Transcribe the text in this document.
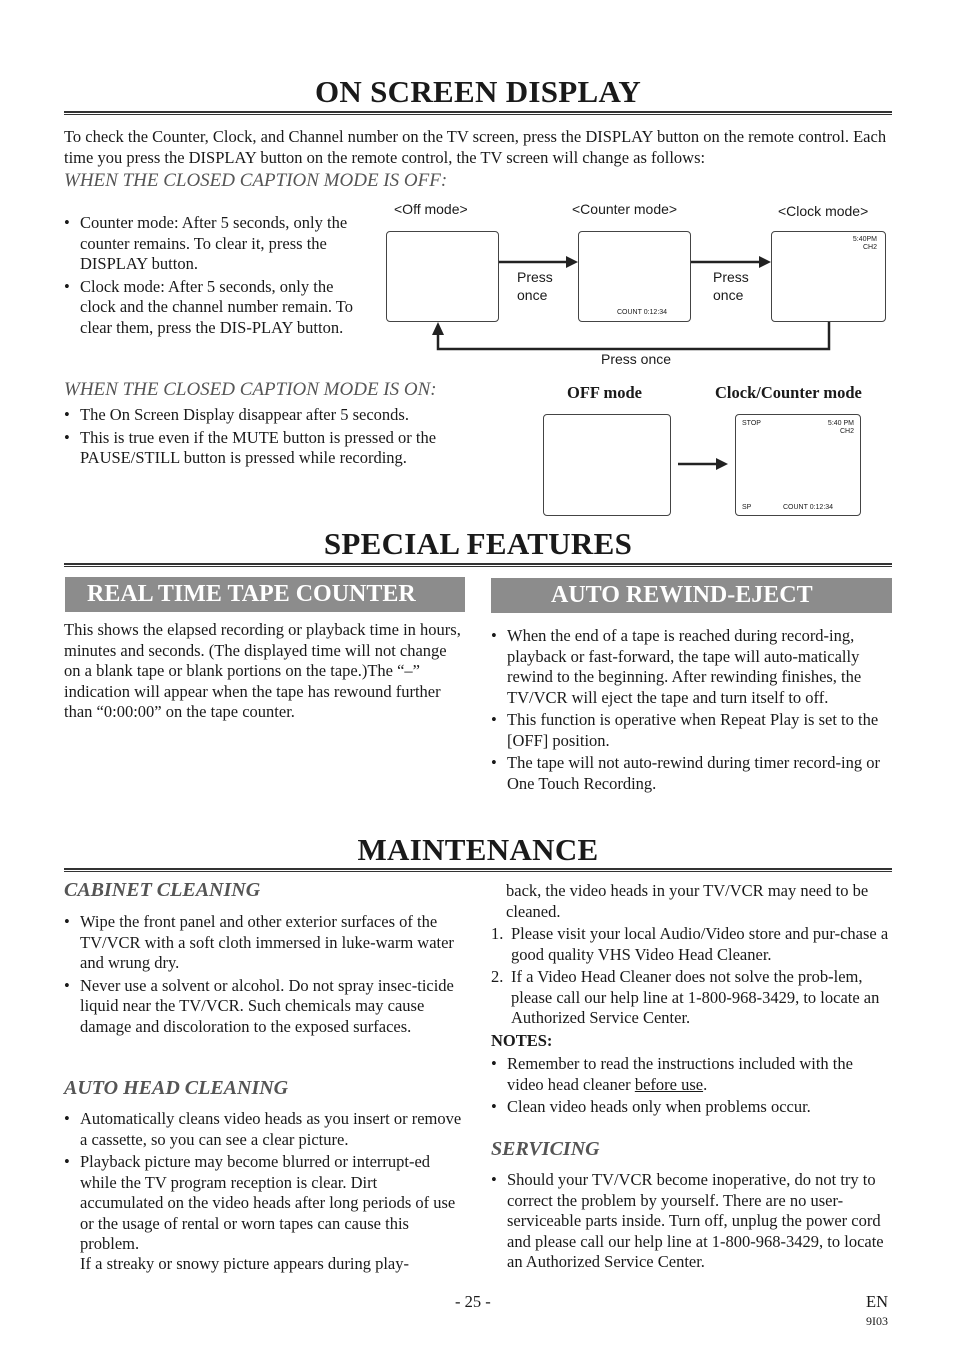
ON SCREEN DISPLAY
To check the Counter, Clock, and Channel number on the TV screen, press the DISPLAY button on the remote control. Each time you press the DISPLAY button on the remote control, the TV screen will change as follows:
WHEN THE CLOSED CAPTION MODE IS OFF:
• Counter mode: After 5 seconds, only the counter remains. To clear it, press the DISPLAY button.
• Clock mode: After 5 seconds, only the clock and the channel number remain. To clear them, press the DIS-PLAY button.
<Off mode>	<Counter mode>	<Clock mode>
COUNT 0:12:34
5:40PM
CH2
Press once
Press once
Press once
WHEN THE CLOSED CAPTION MODE IS ON:
• The On Screen Display disappear after 5 seconds.
• This is true even if the MUTE button is pressed or the PAUSE/STILL button is pressed while recording.
OFF mode	Clock/Counter mode
STOP	5:40 PM
CH2
SP	COUNT 0:12:34
SPECIAL FEATURES
REAL TIME TAPE COUNTER
This shows the elapsed recording or playback time in hours, minutes and seconds. (The displayed time will not change on a blank tape or blank portions on the tape.)The “–” indication will appear when the tape has rewound further than “0:00:00” on the tape counter.
AUTO REWIND-EJECT
• When the end of a tape is reached during record-ing, playback or fast-forward, the tape will auto-matically rewind to the beginning. After rewinding finishes, the TV/VCR will eject the tape and turn itself to off.
• This function is operative when Repeat Play is set to the [OFF] position.
• The tape will not auto-rewind during timer record-ing or One Touch Recording.
MAINTENANCE
CABINET CLEANING
• Wipe the front panel and other exterior surfaces of the TV/VCR with a soft cloth immersed in luke-warm water and wrung dry.
• Never use a solvent or alcohol. Do not spray insec-ticide liquid near the TV/VCR. Such chemicals may cause damage and discoloration to the exposed surfaces.
AUTO HEAD CLEANING
• Automatically cleans video heads as you insert or remove a cassette, so you can see a clear picture.
• Playback picture may become blurred or interrupt-ed while the TV program reception is clear. Dirt accumulated on the video heads after long periods of use or the usage of rental or worn tapes can cause this problem.
If a streaky or snowy picture appears during play-
back, the video heads in your TV/VCR may need to be cleaned.
1. Please visit your local Audio/Video store and pur-chase a good quality VHS Video Head Cleaner.
2. If a Video Head Cleaner does not solve the prob-lem, please call our help line at 1-800-968-3429, to locate an Authorized Service Center.
NOTES:
• Remember to read the instructions included with the video head cleaner before use.
• Clean video heads only when problems occur.
SERVICING
• Should your TV/VCR become inoperative, do not try to correct the problem by yourself. There are no user-serviceable parts inside. Turn off, unplug the power cord and please call our help line at 1-800-968-3429, to locate an Authorized Service Center.
- 25 -	EN
9I03
